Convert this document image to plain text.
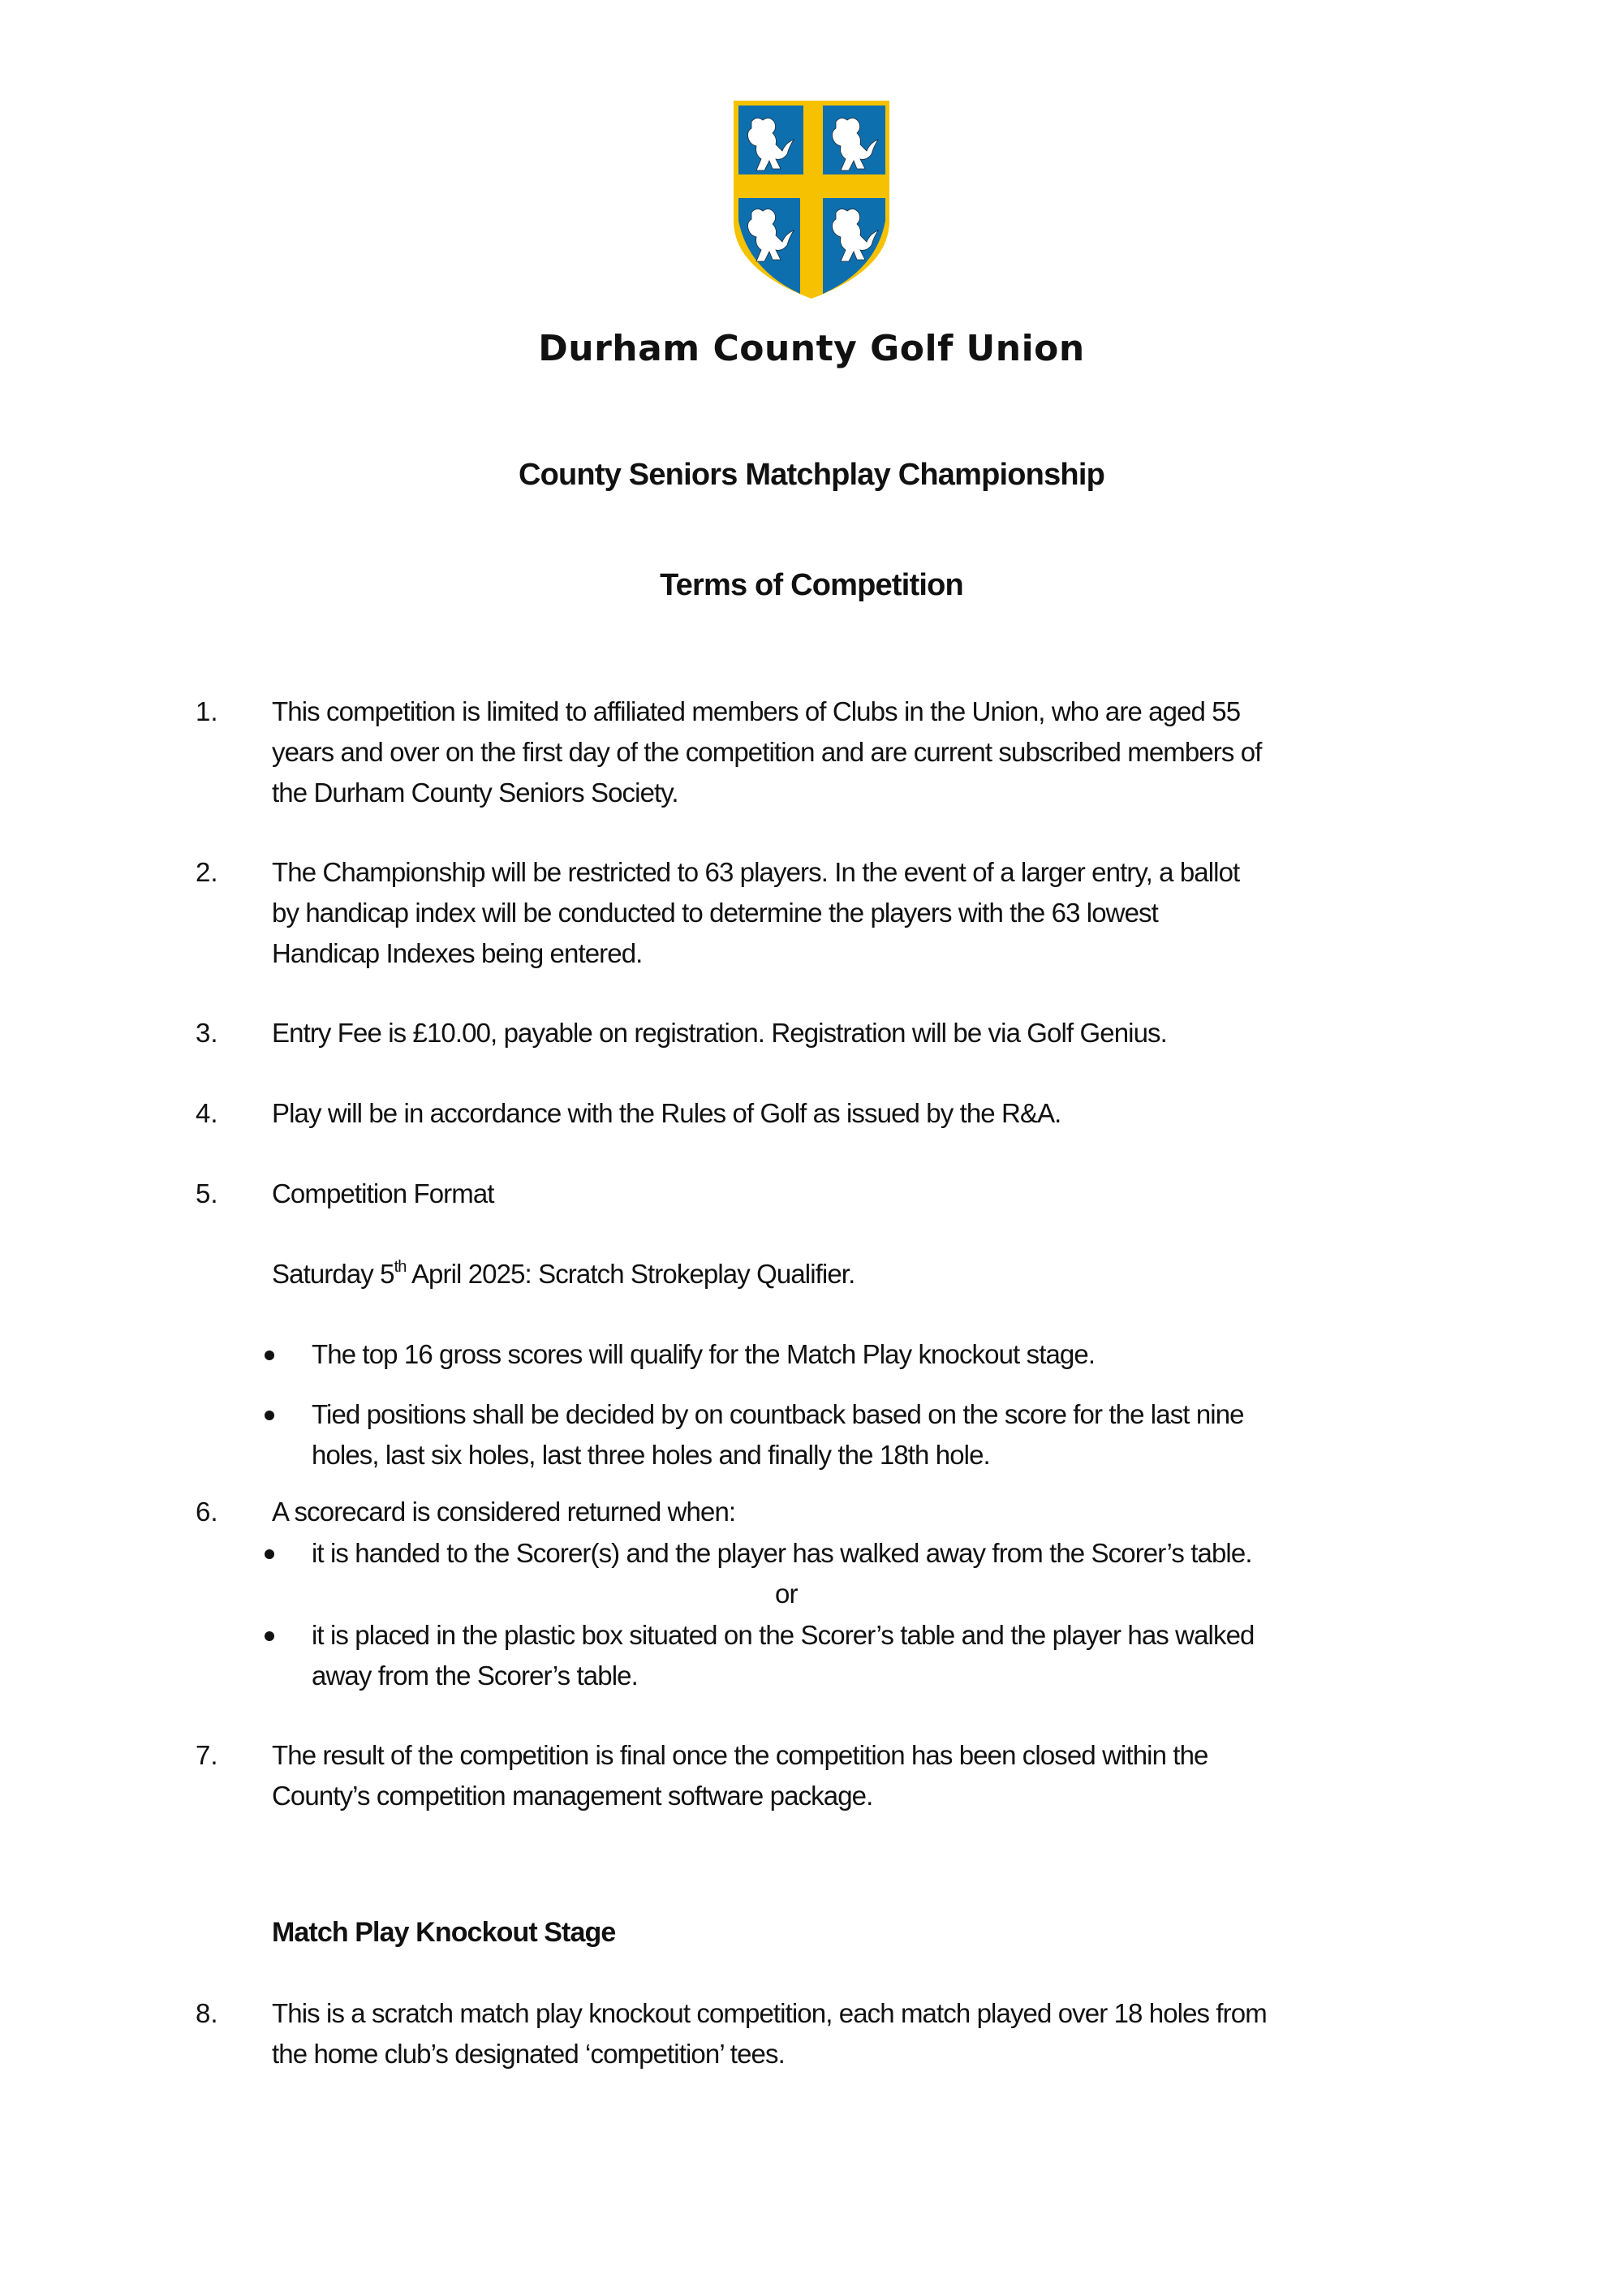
Durham County Golf Union
County Seniors Matchplay Championship
Terms of Competition
1. This competition is limited to affiliated members of Clubs in the Union, who are aged 55
years and over on the first day of the competition and are current subscribed members of
the Durham County Seniors Society.
2. The Championship will be restricted to 63 players. In the event of a larger entry, a ballot
by handicap index will be conducted to determine the players with the 63 lowest
Handicap Indexes being entered.
3. Entry Fee is £10.00, payable on registration. Registration will be via Golf Genius.
4. Play will be in accordance with the Rules of Golf as issued by the R&A.
5. Competition Format
Saturday 5th April 2025: Scratch Strokeplay Qualifier.
The top 16 gross scores will qualify for the Match Play knockout stage.
Tied positions shall be decided by on countback based on the score for the last nine
holes, last six holes, last three holes and finally the 18th hole.
6. A scorecard is considered returned when:
it is handed to the Scorer(s) and the player has walked away from the Scorer’s table.
or
it is placed in the plastic box situated on the Scorer’s table and the player has walked
away from the Scorer’s table.
7. The result of the competition is final once the competition has been closed within the
County’s competition management software package.
Match Play Knockout Stage
8. This is a scratch match play knockout competition, each match played over 18 holes from
the home club’s designated ‘competition’ tees.
